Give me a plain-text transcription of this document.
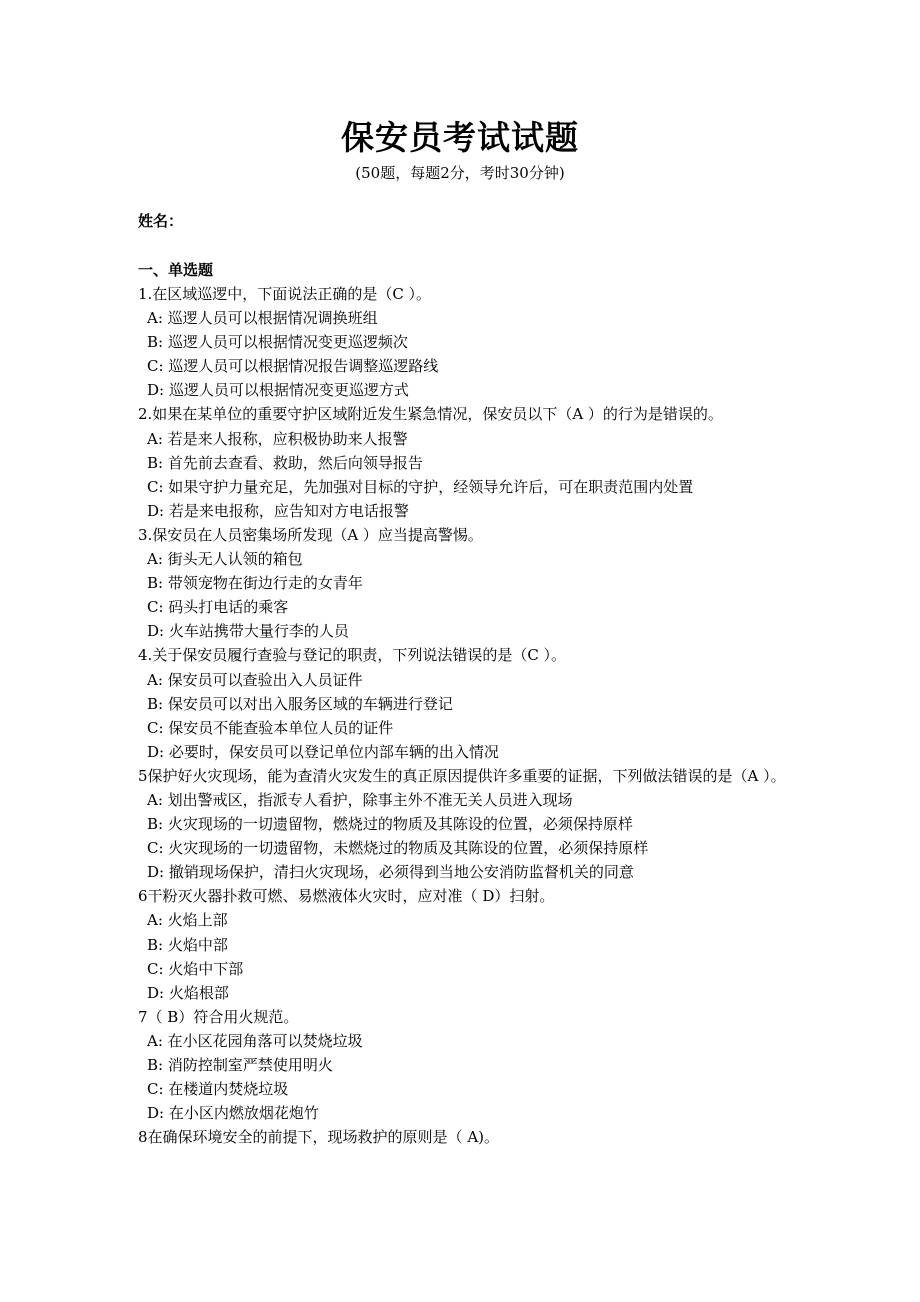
保安员考试试题
(50题，每题2分，考时30分钟)
姓名：
一、单选题
1.在区域巡逻中，下面说法正确的是（C ）。
A: 巡逻人员可以根据情况调换班组
B: 巡逻人员可以根据情况变更巡逻频次
C: 巡逻人员可以根据情况报告调整巡逻路线
D: 巡逻人员可以根据情况变更巡逻方式
2.如果在某单位的重要守护区域附近发生紧急情况，保安员以下（A ）的行为是错误的。
A: 若是来人报称，应积极协助来人报警
B: 首先前去查看、救助，然后向领导报告
C: 如果守护力量充足，先加强对目标的守护，经领导允许后，可在职责范围内处置
D: 若是来电报称，应告知对方电话报警
3.保安员在人员密集场所发现（A ）应当提高警惕。
A: 街头无人认领的箱包
B: 带领宠物在街边行走的女青年
C: 码头打电话的乘客
D: 火车站携带大量行李的人员
4.关于保安员履行查验与登记的职责，下列说法错误的是（C ）。
A: 保安员可以查验出入人员证件
B: 保安员可以对出入服务区域的车辆进行登记
C: 保安员不能查验本单位人员的证件
D: 必要时，保安员可以登记单位内部车辆的出入情况
5保护好火灾现场，能为查清火灾发生的真正原因提供许多重要的证据，下列做法错误的是（A ）。
A: 划出警戒区，指派专人看护，除事主外不准无关人员进入现场
B: 火灾现场的一切遗留物，燃烧过的物质及其陈设的位置，必须保持原样
C: 火灾现场的一切遗留物，未燃烧过的物质及其陈设的位置，必须保持原样
D: 撤销现场保护，清扫火灾现场，必须得到当地公安消防监督机关的同意
6干粉灭火器扑救可燃、易燃液体火灾时，应对准（ D）扫射。
A: 火焰上部
B: 火焰中部
C: 火焰中下部
D: 火焰根部
7（ B）符合用火规范。
A: 在小区花园角落可以焚烧垃圾
B: 消防控制室严禁使用明火
C: 在楼道内焚烧垃圾
D: 在小区内燃放烟花炮竹
8在确保环境安全的前提下，现场救护的原则是（ A)。
